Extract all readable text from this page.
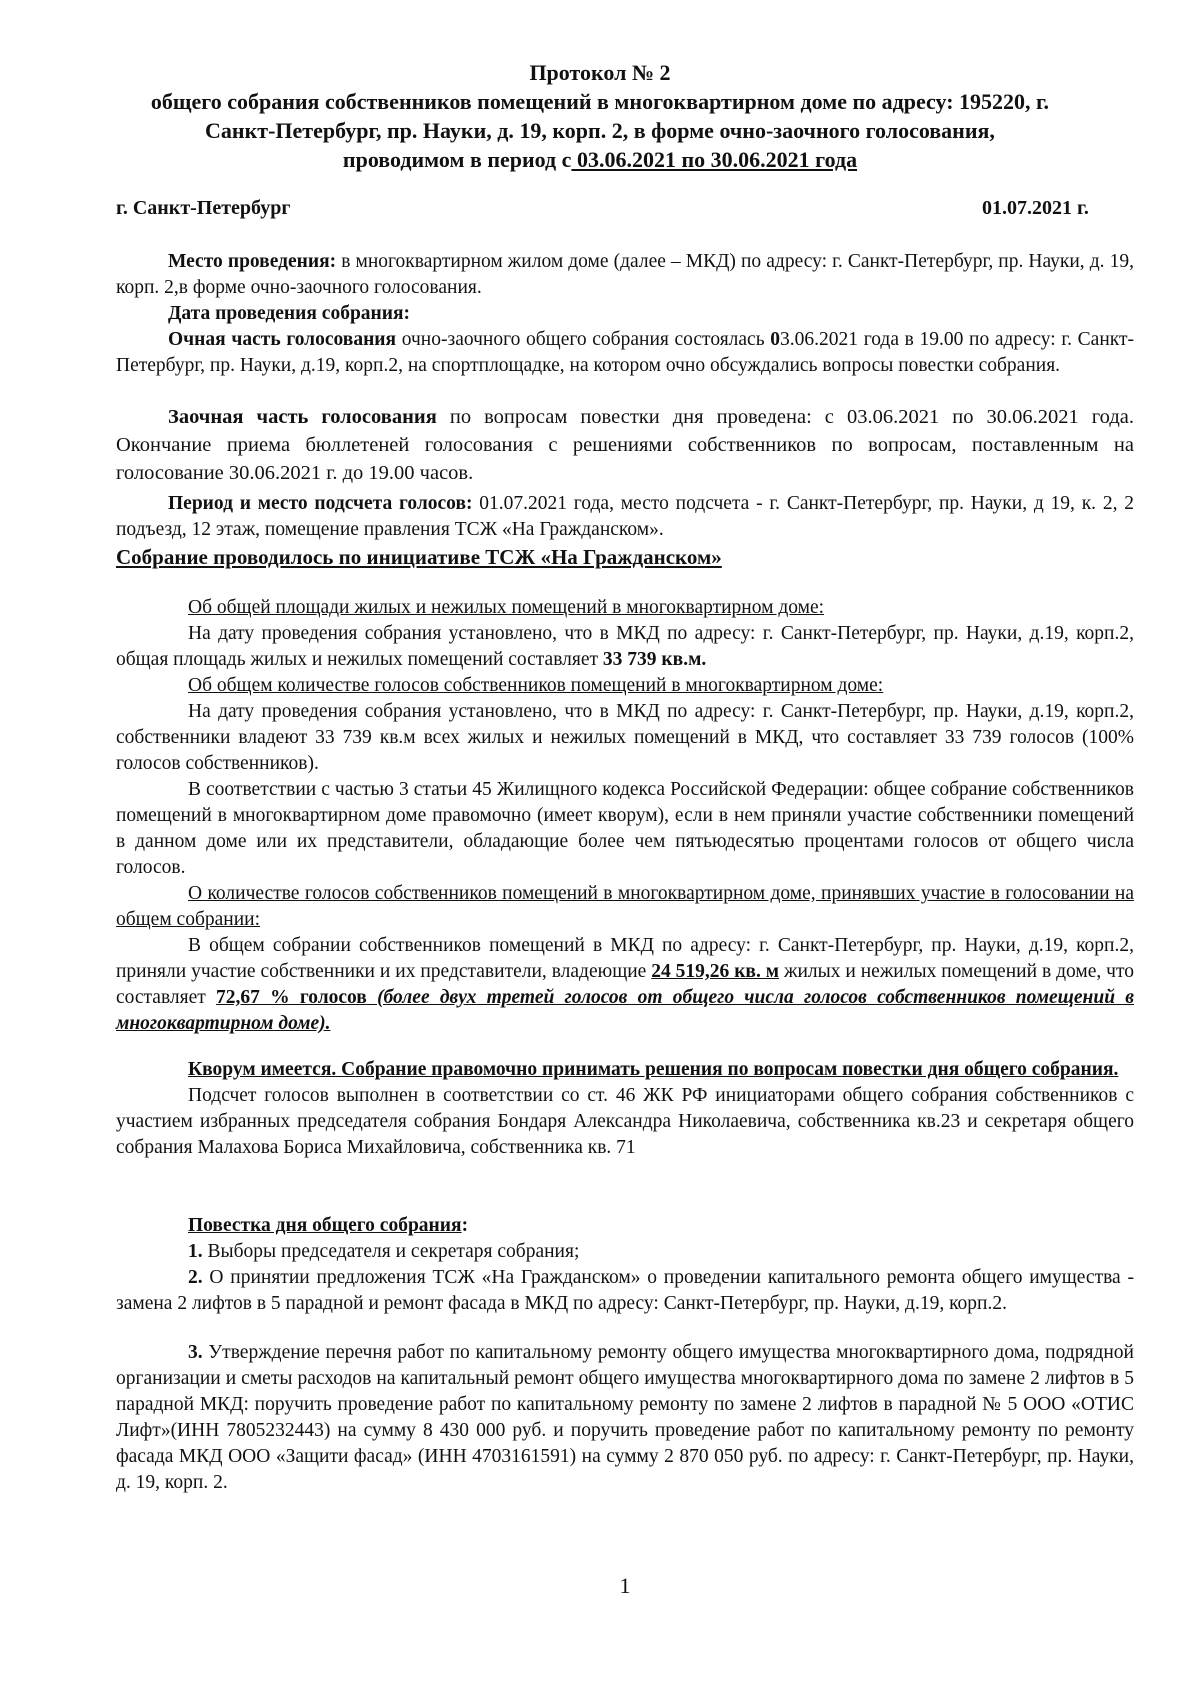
Протокол № 2
общего собрания собственников помещений в многоквартирном доме по адресу: 195220, г.
Санкт-Петербург, пр. Науки, д. 19, корп. 2, в форме очно-заочного голосования,
проводимом в период с 03.06.2021 по 30.06.2021 года
г. Санкт-Петербург	01.07.2021 г.

Место проведения: в многоквартирном жилом доме (далее – МКД) по адресу: г. Санкт-Петербург, пр. Науки, д. 19, корп. 2,в форме очно-заочного голосования.

Дата проведения собрания:

Очная часть голосования очно-заочного общего собрания состоялась 03.06.2021 года в 19.00 по адресу: г. Санкт-Петербург, пр. Науки, д.19, корп.2, на спортплощадке, на котором очно обсуждались вопросы повестки собрания.

Заочная часть голосования по вопросам повестки дня проведена: с 03.06.2021 по 30.06.2021 года. Окончание приема бюллетеней голосования с решениями собственников по вопросам, поставленным на голосование 30.06.2021 г. до 19.00 часов.

Период и место подсчета голосов: 01.07.2021 года, место подсчета - г. Санкт-Петербург, пр. Науки, д 19, к. 2, 2 подъезд, 12 этаж, помещение правления ТСЖ «На Гражданском».

Собрание проводилось по инициативе ТСЖ «На Гражданском»

Об общей площади жилых и нежилых помещений в многоквартирном доме:

На дату проведения собрания установлено, что в МКД по адресу: г. Санкт-Петербург, пр. Науки, д.19, корп.2, общая площадь жилых и нежилых помещений составляет 33 739 кв.м.

Об общем количестве голосов собственников помещений в многоквартирном доме:

На дату проведения собрания установлено, что в МКД по адресу: г. Санкт-Петербург, пр. Науки, д.19, корп.2, собственники владеют 33 739 кв.м всех жилых и нежилых помещений в МКД, что составляет 33 739 голосов (100% голосов собственников).

В соответствии с частью 3 статьи 45 Жилищного кодекса Российской Федерации: общее собрание собственников помещений в многоквартирном доме правомочно (имеет кворум), если в нем приняли участие собственники помещений в данном доме или их представители, обладающие более чем пятьюдесятью процентами голосов от общего числа голосов.

О количестве голосов собственников помещений в многоквартирном доме, принявших участие в голосовании на общем собрании:

В общем собрании собственников помещений в МКД по адресу: г. Санкт-Петербург, пр. Науки, д.19, корп.2, приняли участие собственники и их представители, владеющие 24 519,26 кв. м жилых и нежилых помещений в доме, что составляет 72,67 % голосов (более двух третей голосов от общего числа голосов собственников помещений в многоквартирном доме).

Кворум имеется. Собрание правомочно принимать решения по вопросам повестки дня общего собрания.

Подсчет голосов выполнен в соответствии со ст. 46 ЖК РФ инициаторами общего собрания собственников с участием избранных председателя собрания Бондаря Александра Николаевича, собственника кв.23 и секретаря общего собрания Малахова Бориса Михайловича, собственника кв. 71

Повестка дня общего собрания:

1. Выборы председателя и секретаря собрания;

2. О принятии предложения ТСЖ «На Гражданском» о проведении капитального ремонта общего имущества - замена 2 лифтов в 5 парадной и ремонт фасада в МКД по адресу: Санкт-Петербург, пр. Науки, д.19, корп.2.

3. Утверждение перечня работ по капитальному ремонту общего имущества многоквартирного дома, подрядной организации и сметы расходов на капитальный ремонт общего имущества многоквартирного дома по замене 2 лифтов в 5 парадной МКД: поручить проведение работ по капитальному ремонту по замене 2 лифтов в парадной № 5 ООО «ОТИС Лифт»(ИНН 7805232443) на сумму 8 430 000 руб. и поручить проведение работ по капитальному ремонту по ремонту фасада МКД ООО «Защити фасад» (ИНН 4703161591) на сумму 2 870 050 руб. по адресу: г. Санкт-Петербург, пр. Науки, д. 19, корп. 2.

1
